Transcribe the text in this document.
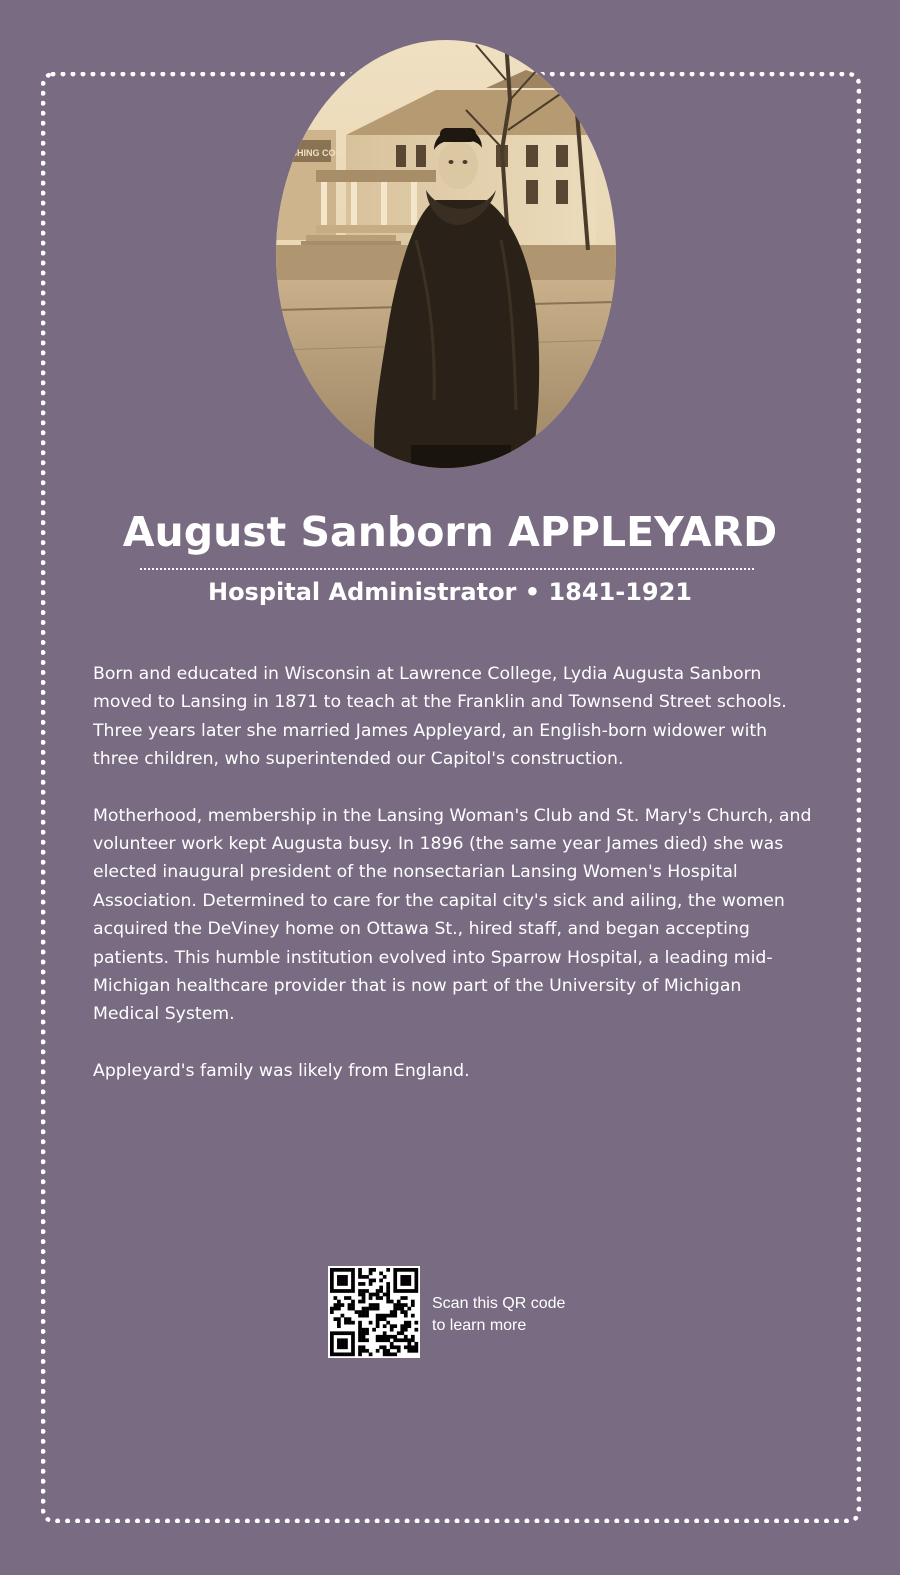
LISHING CO
August Sanborn APPLEYARD
Hospital Administrator • 1841-1921

Born and educated in Wisconsin at Lawrence College, Lydia Augusta Sanborn moved to Lansing in 1871 to teach at the Franklin and Townsend Street schools. Three years later she married James Appleyard, an English-born widower with three children, who superintended our Capitol's construction.

Motherhood, membership in the Lansing Woman's Club and St. Mary's Church, and volunteer work kept Augusta busy. In 1896 (the same year James died) she was elected inaugural president of the nonsectarian Lansing Women's Hospital Association. Determined to care for the capital city's sick and ailing, the women acquired the DeViney home on Ottawa St., hired staff, and began accepting patients. This humble institution evolved into Sparrow Hospital, a leading mid-Michigan healthcare provider that is now part of the University of Michigan Medical System.

Appleyard's family was likely from England.

Scan this QR code
to learn more
